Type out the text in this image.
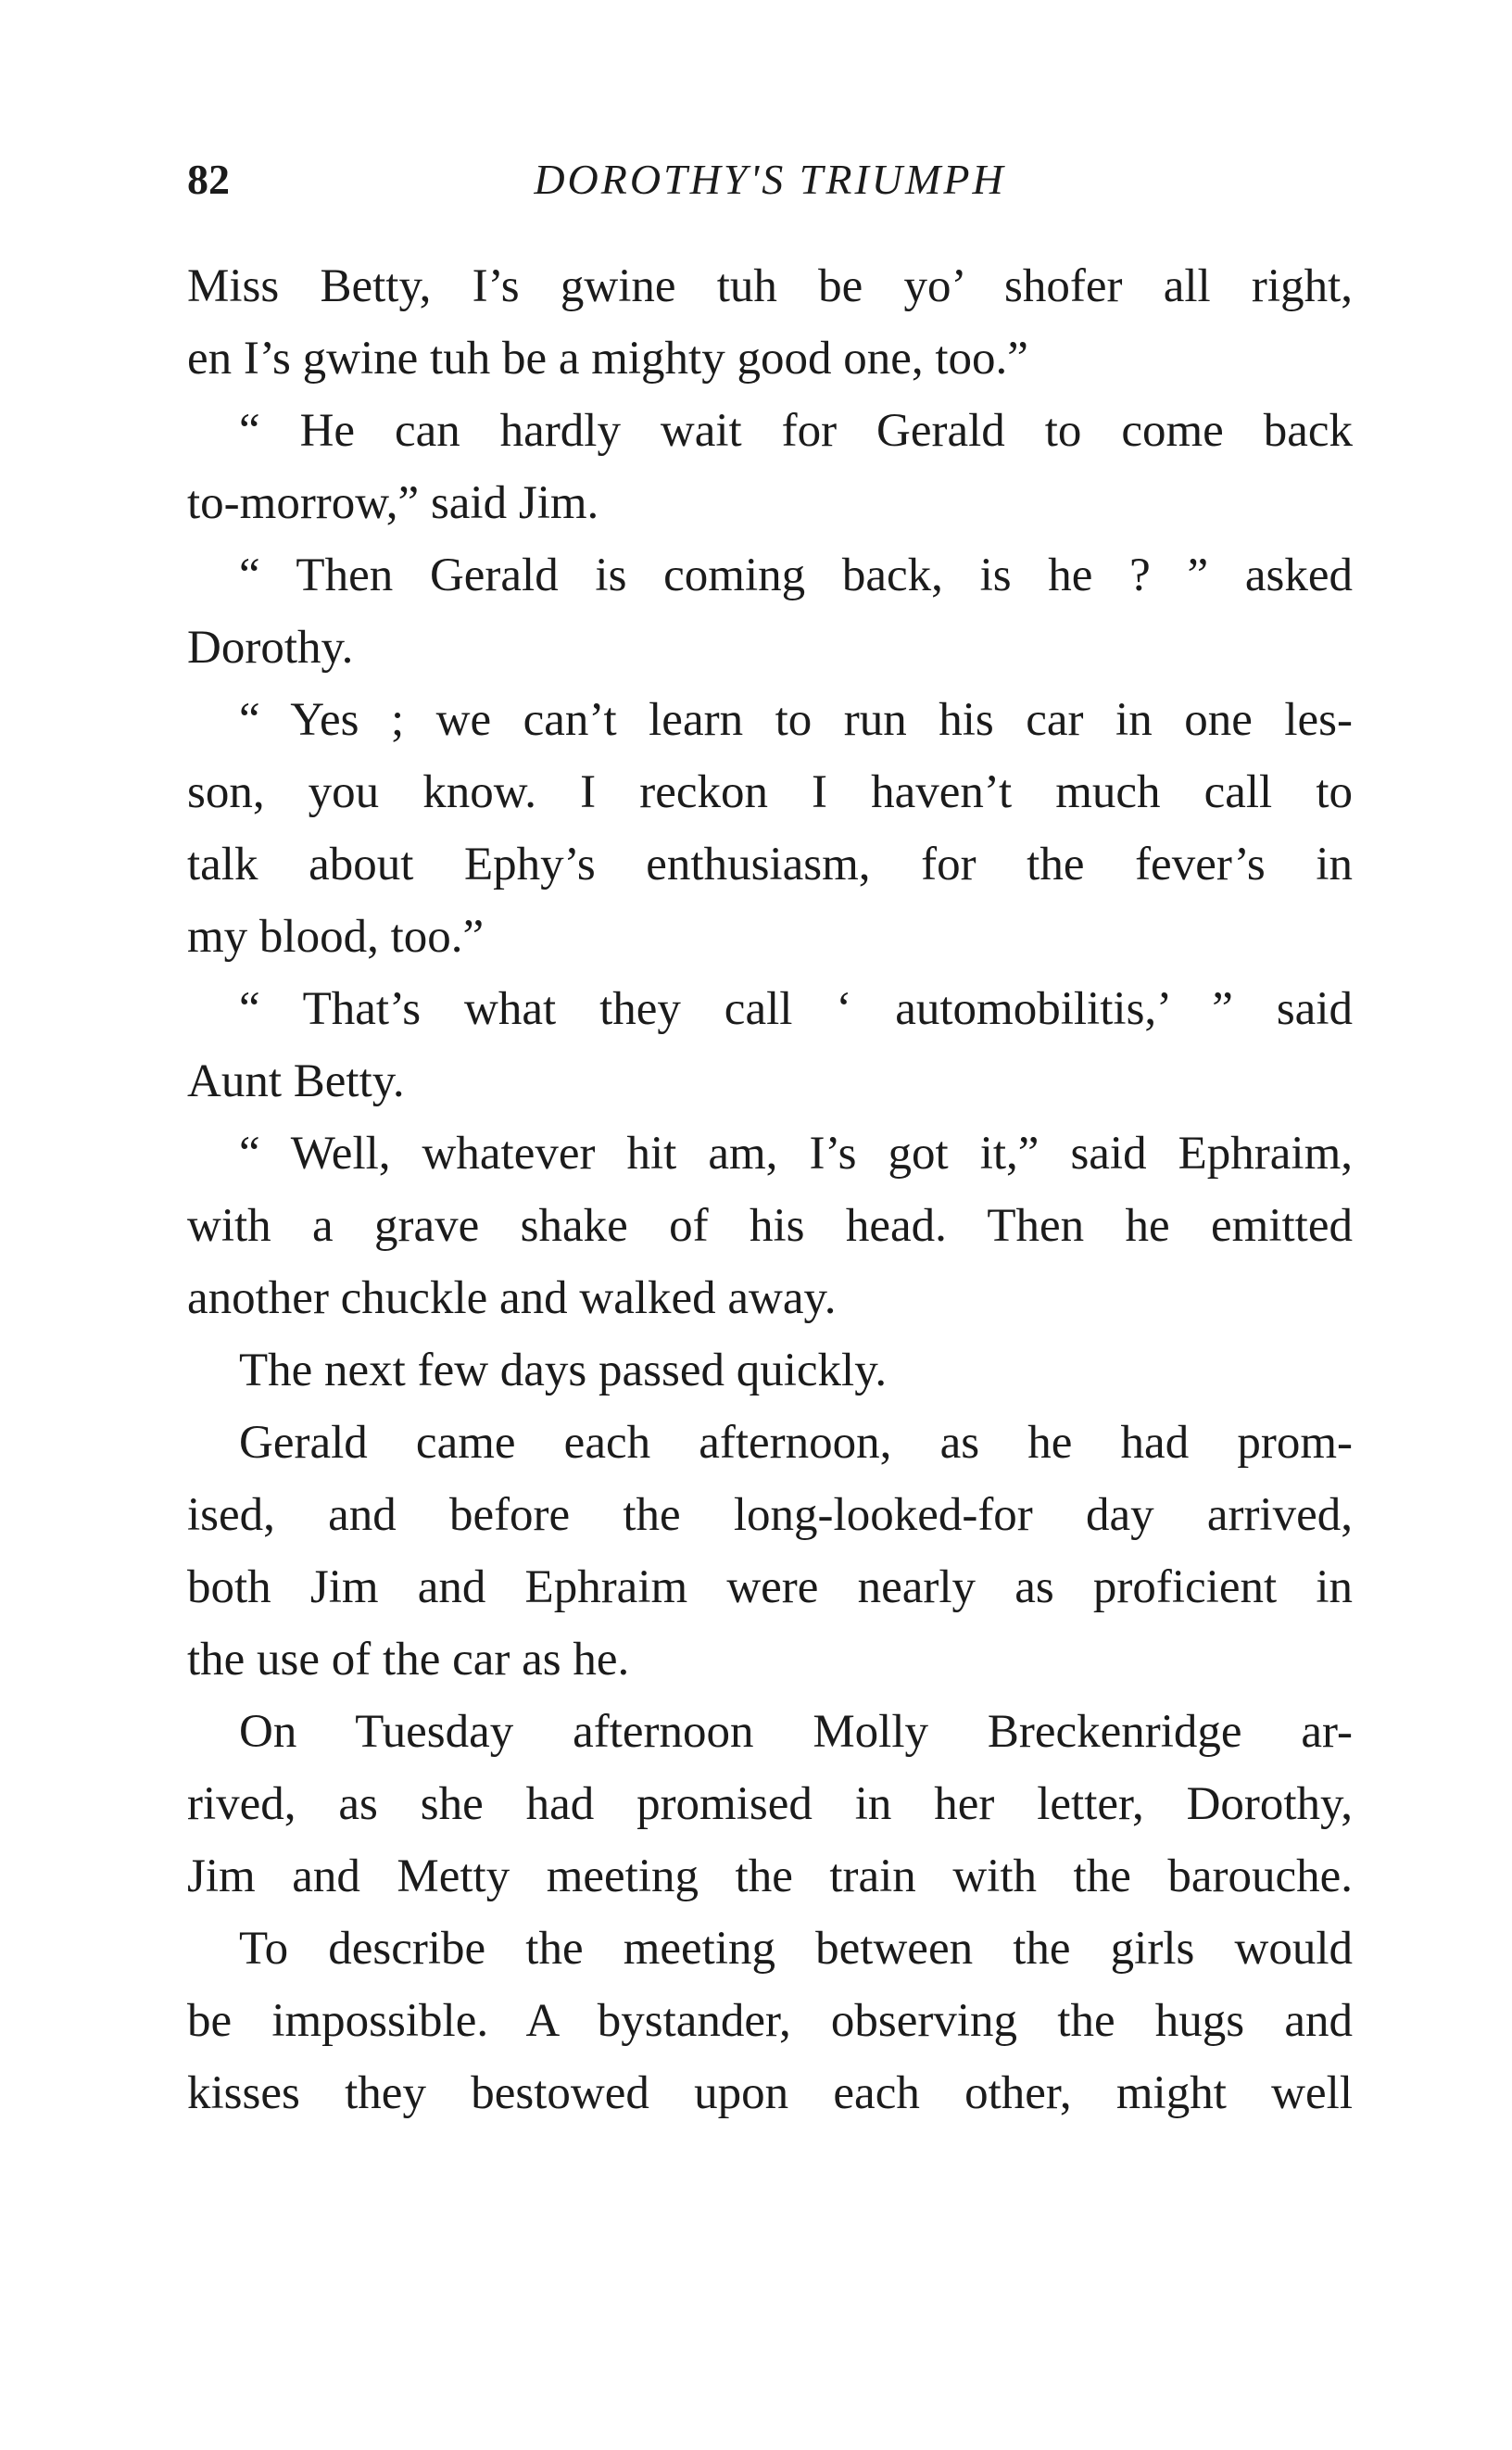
82	DOROTHY'S TRIUMPH
Miss Betty, I’s gwine tuh be yo’ shofer all right,
en I’s gwine tuh be a mighty good one, too.”
“ He can hardly wait for Gerald to come back
to-morrow,” said Jim.
“ Then Gerald is coming back, is he ? ” asked
Dorothy.
“ Yes ; we can’t learn to run his car in one les-
son, you know. I reckon I haven’t much call to
talk about Ephy’s enthusiasm, for the fever’s in
my blood, too.”
“ That’s what they call ‘ automobilitis,’ ” said
Aunt Betty.
“ Well, whatever hit am, I’s got it,” said Ephraim,
with a grave shake of his head. Then he emitted
another chuckle and walked away.
The next few days passed quickly.
Gerald came each afternoon, as he had prom-
ised, and before the long-looked-for day arrived,
both Jim and Ephraim were nearly as proficient in
the use of the car as he.
On Tuesday afternoon Molly Breckenridge ar-
rived, as she had promised in her letter, Dorothy,
Jim and Metty meeting the train with the barouche.
To describe the meeting between the girls would
be impossible. A bystander, observing the hugs and
kisses they bestowed upon each other, might well
